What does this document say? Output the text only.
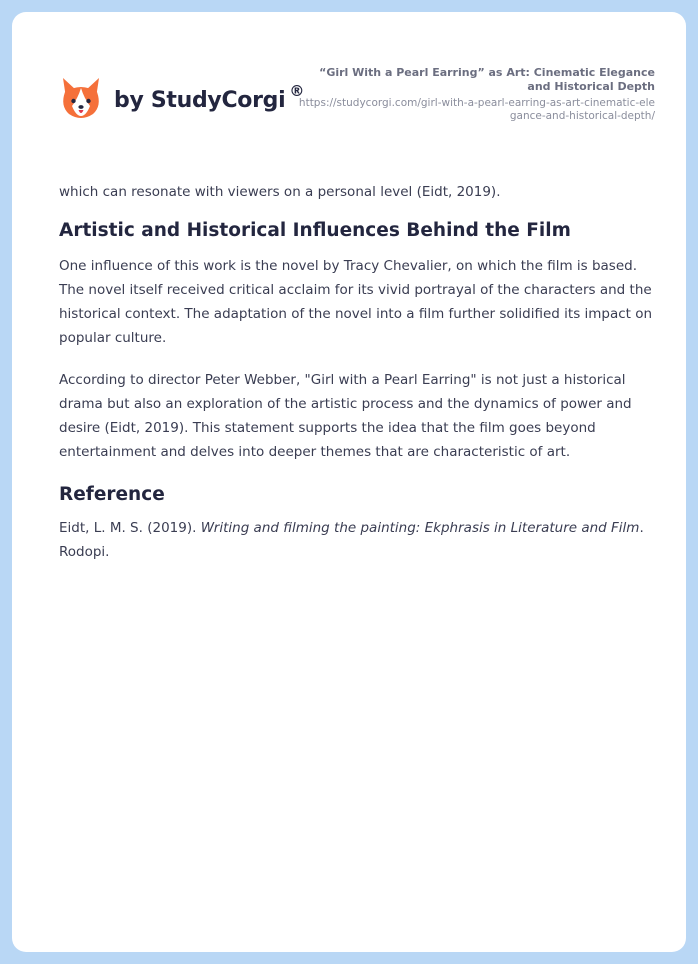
by StudyCorgi ®
“Girl With a Pearl Earring” as Art: Cinematic Elegance and Historical Depth
https://studycorgi.com/girl-with-a-pearl-earring-as-art-cinematic-elegance-and-historical-depth/

which can resonate with viewers on a personal level (Eidt, 2019).

Artistic and Historical Influences Behind the Film

One influence of this work is the novel by Tracy Chevalier, on which the film is based. The novel itself received critical acclaim for its vivid portrayal of the characters and the historical context. The adaptation of the novel into a film further solidified its impact on popular culture.

According to director Peter Webber, "Girl with a Pearl Earring" is not just a historical drama but also an exploration of the artistic process and the dynamics of power and desire (Eidt, 2019). This statement supports the idea that the film goes beyond entertainment and delves into deeper themes that are characteristic of art.

Reference

Eidt, L. M. S. (2019). Writing and filming the painting: Ekphrasis in Literature and Film. Rodopi.
